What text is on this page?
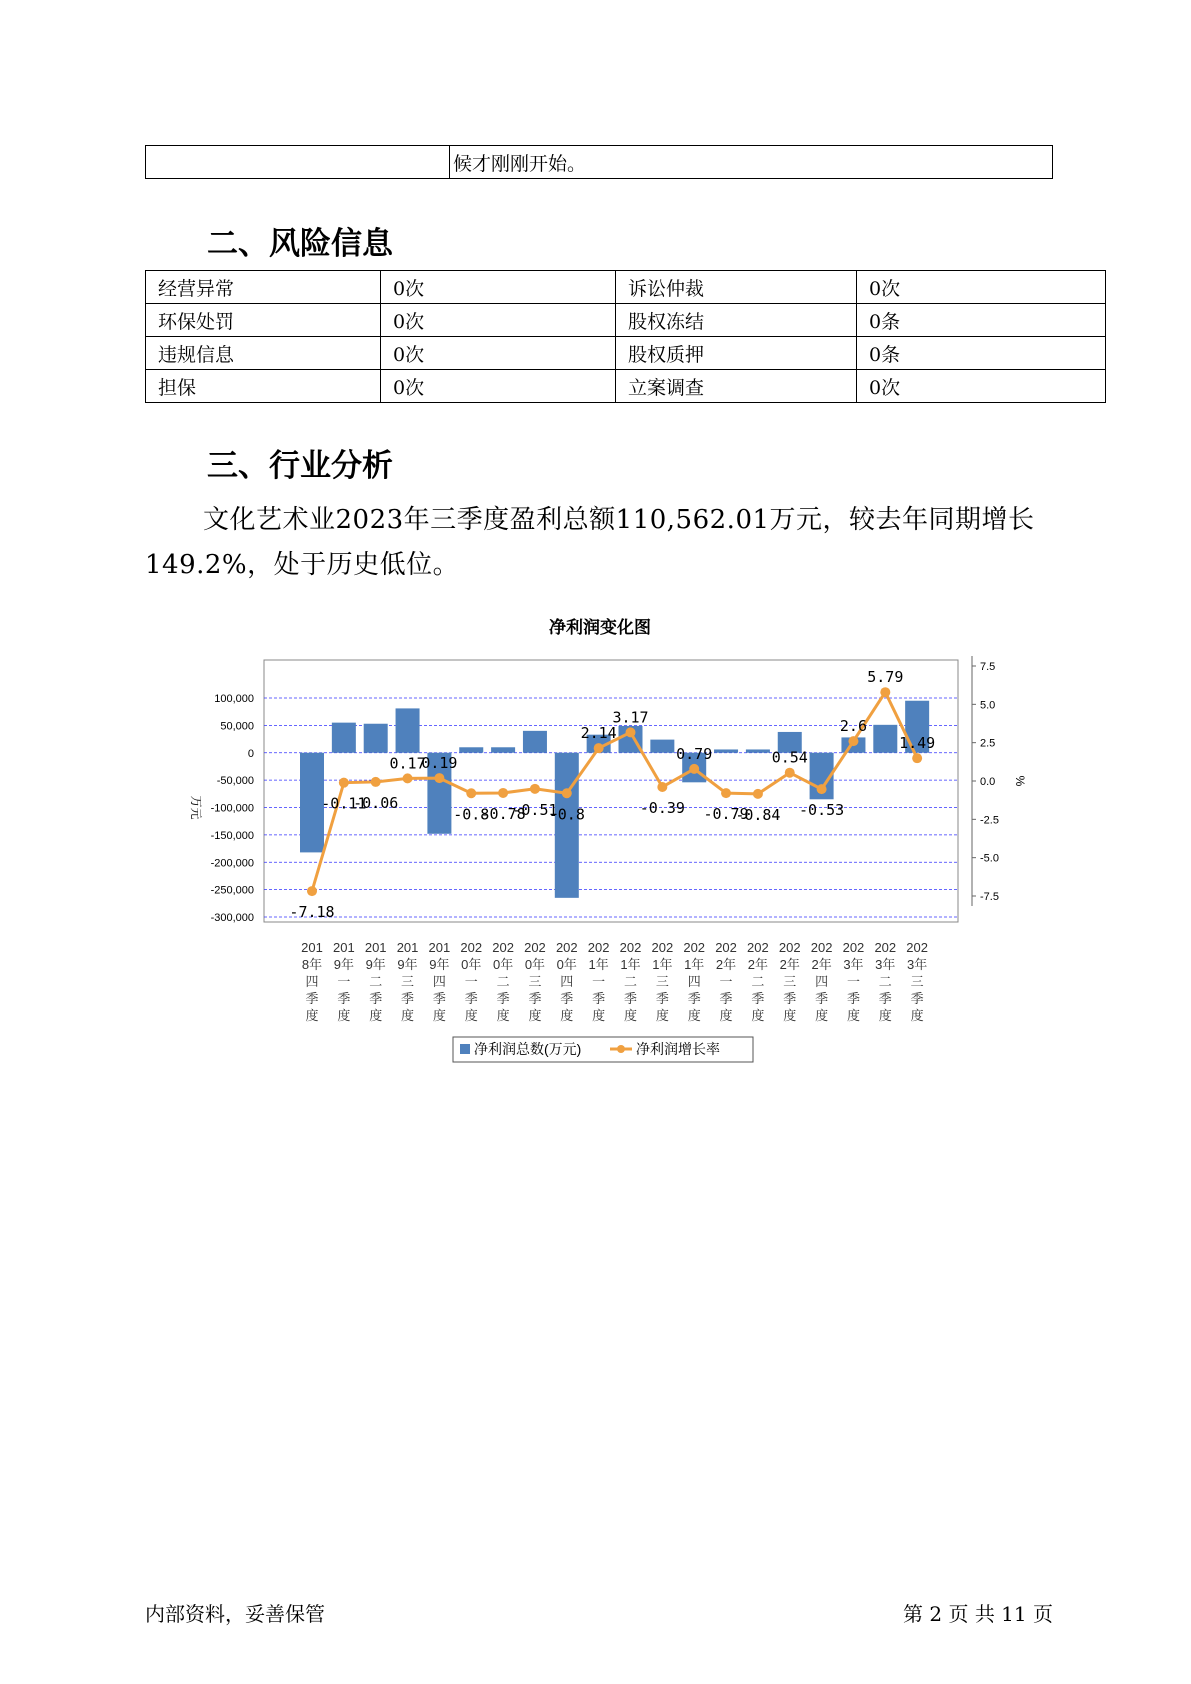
	候才刚刚开始。
二、风险信息
经营异常	0次	诉讼仲裁	0次
环保处罚	0次	股权冻结	0条
违规信息	0次	股权质押	0条
担保	0次	立案调查	0次
三、行业分析

文化艺术业2023年三季度盈利总额110,562.01万元，较去年同期增长149.2%，处于历史低位。

净利润变化图
100,000
50,000
0
-50,000
-100,000
-150,000
-200,000
-250,000
-300,000
万元
7.5
5.0
2.5
0.0
-2.5
-5.0
-7.5
%
-7.18
-0.11
-0.06
0.17
0.19
-0.8
-0.78
-0.51
-0.8
2.14
3.17
-0.39
0.79
-0.79
-0.84
0.54
-0.53
2.6
5.79
1.49
201
8年
四
季
度
201
9年
一
季
度
201
9年
二
季
度
201
9年
三
季
度
201
9年
四
季
度
202
0年
一
季
度
202
0年
二
季
度
202
0年
三
季
度
202
0年
四
季
度
202
1年
一
季
度
202
1年
二
季
度
202
1年
三
季
度
202
1年
四
季
度
202
2年
一
季
度
202
2年
二
季
度
202
2年
三
季
度
202
2年
四
季
度
202
3年
一
季
度
202
3年
二
季
度
202
3年
三
季
度
净利润总数(万元)	净利润增长率
内部资料，妥善保管	第 2 页 共 11 页
